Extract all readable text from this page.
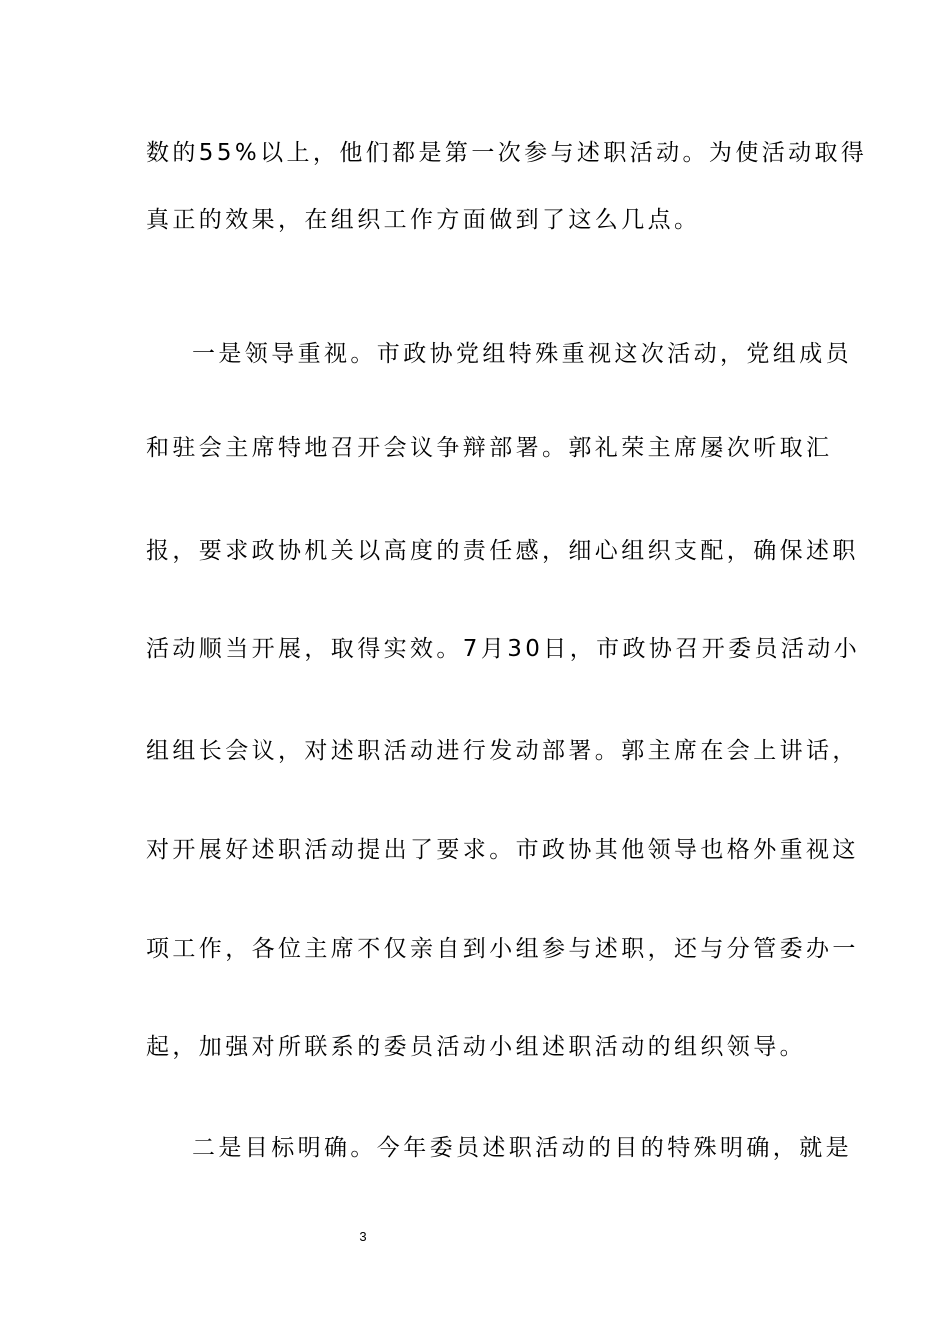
数的55%以上，他们都是第一次参与述职活动。为使活动取得
真正的效果，在组织工作方面做到了这么几点。
一是领导重视。市政协党组特殊重视这次活动，党组成员
和驻会主席特地召开会议争辩部署。郭礼荣主席屡次听取汇
报，要求政协机关以高度的责任感，细心组织支配，确保述职
活动顺当开展，取得实效。7月30日，市政协召开委员活动小
组组长会议，对述职活动进行发动部署。郭主席在会上讲话，
对开展好述职活动提出了要求。市政协其他领导也格外重视这
项工作，各位主席不仅亲自到小组参与述职，还与分管委办一
起，加强对所联系的委员活动小组述职活动的组织领导。
二是目标明确。今年委员述职活动的目的特殊明确，就是
3
